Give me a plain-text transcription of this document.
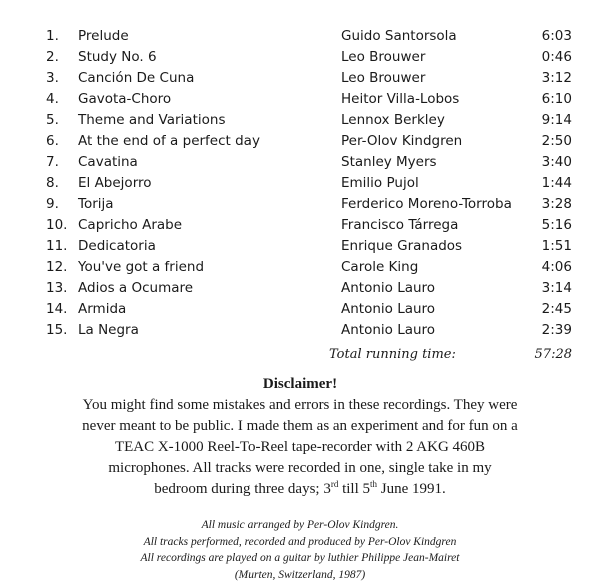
1. Prelude	Guido Santorsola	6:03
2. Study No. 6	Leo Brouwer	0:46
3. Canción De Cuna	Leo Brouwer	3:12
4. Gavota-Choro	Heitor Villa-Lobos	6:10
5. Theme and Variations	Lennox Berkley	9:14
6. At the end of a perfect day	Per-Olov Kindgren	2:50
7. Cavatina	Stanley Myers	3:40
8. El Abejorro	Emilio Pujol	1:44
9. Torija	Ferderico Moreno-Torroba 3:28
10. Capricho Arabe	Francisco Tárrega	5:16
11. Dedicatoria	Enrique Granados	1:51
12. You've got a friend	Carole King	4:06
13. Adios a Ocumare	Antonio Lauro	3:14
14. Armida	Antonio Lauro	2:45
15. La Negra	Antonio Lauro	2:39
Total running time:	57:28
Disclaimer!
You might find some mistakes and errors in these recordings. They were never meant to be public. I made them as an experiment and for fun on a TEAC X-1000 Reel-To-Reel tape-recorder with 2 AKG 460B microphones. All tracks were recorded in one, single take in my bedroom during three days; 3rd till 5th June 1991.
All music arranged by Per-Olov Kindgren.
All tracks performed, recorded and produced by Per-Olov Kindgren
All recordings are played on a guitar by luthier Philippe Jean-Mairet
(Murten, Switzerland, 1987)
